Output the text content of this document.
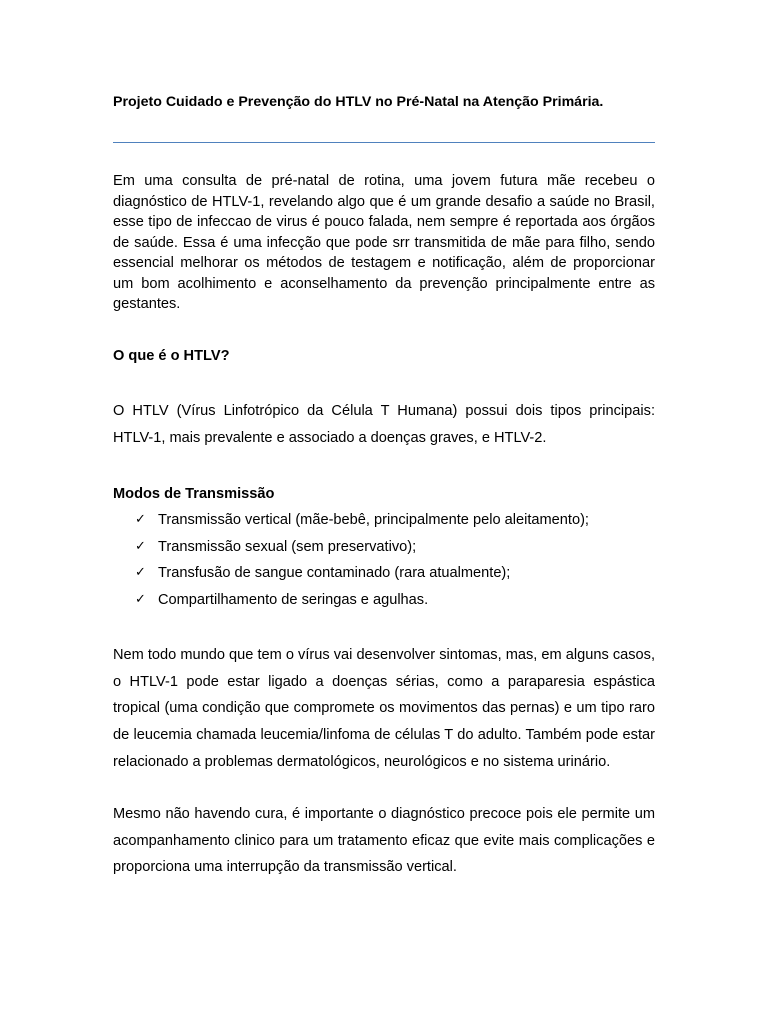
Projeto Cuidado e Prevenção do HTLV no Pré-Natal na Atenção Primária.

Em uma consulta de pré-natal de rotina, uma jovem futura mãe recebeu o diagnóstico de HTLV-1, revelando algo que é um grande desafio a saúde no Brasil, esse tipo de infeccao de virus é pouco falada, nem sempre é reportada aos órgãos de saúde. Essa é uma infecção que pode srr transmitida de mãe para filho, sendo essencial melhorar os métodos de testagem e notificação, além de proporcionar um bom acolhimento e aconselhamento da prevenção principalmente entre as gestantes.

O que é o HTLV?

O HTLV (Vírus Linfotrópico da Célula T Humana) possui dois tipos principais: HTLV-1, mais prevalente e associado a doenças graves, e HTLV-2.

Modos de Transmissão
✓ Transmissão vertical (mãe-bebê, principalmente pelo aleitamento);
✓ Transmissão sexual (sem preservativo);
✓ Transfusão de sangue contaminado (rara atualmente);
✓ Compartilhamento de seringas e agulhas.

Nem todo mundo que tem o vírus vai desenvolver sintomas, mas, em alguns casos, o HTLV-1 pode estar ligado a doenças sérias, como a paraparesia espástica tropical (uma condição que compromete os movimentos das pernas) e um tipo raro de leucemia chamada leucemia/linfoma de células T do adulto. Também pode estar relacionado a problemas dermatológicos, neurológicos e no sistema urinário.

Mesmo não havendo cura, é importante o diagnóstico precoce pois ele permite um acompanhamento clinico para um tratamento eficaz que evite mais complicações e proporciona uma interrupção da transmissão vertical.
